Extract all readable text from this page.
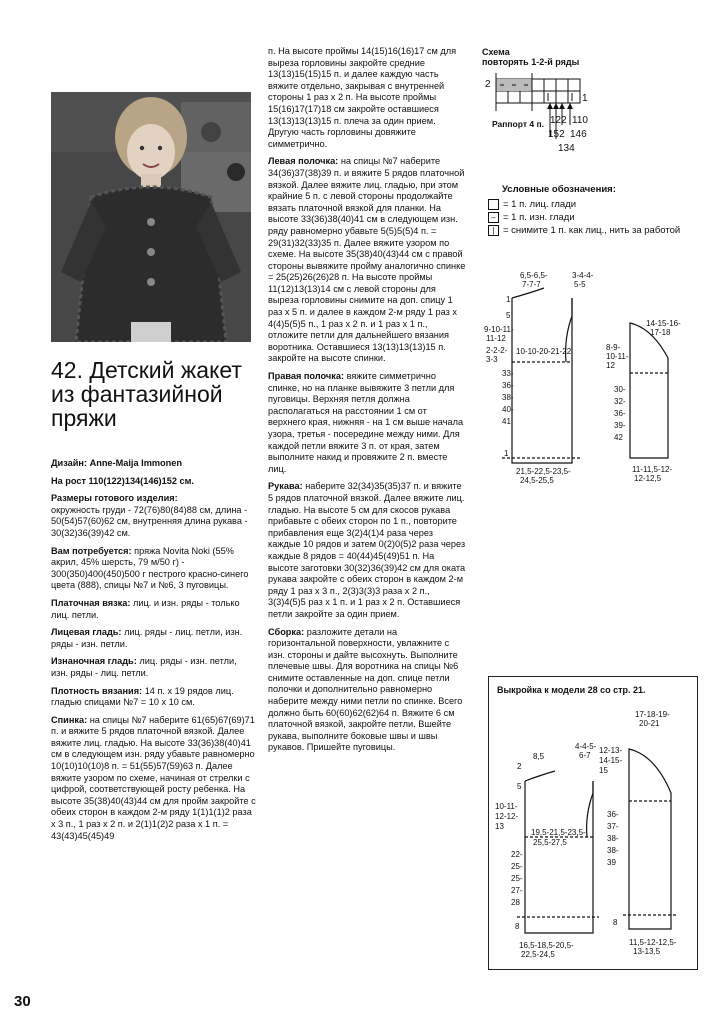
42. Детский жакет
из фантазийной
пряжи

Дизайн: Anne-Maija Immonen

На рост 110(122)134(146)152 см.

Размеры готового изделия:
окружность груди - 72(76)80(84)88 см, длина - 50(54)57(60)62 см, внутренняя длина рукава - 30(32)36(39)42 см.

Вам потребуется: пряжа Novita Noki (55% акрил, 45% шерсть, 79 м/50 г) - 300(350)400(450)500 г пестрого красно-синего цвета (888), спицы №7 и №6, 3 пуговицы.

Платочная вязка: лиц. и изн. ряды - только лиц. петли.

Лицевая гладь: лиц. ряды - лиц. петли, изн. ряды - изн. петли.

Изнаночная гладь: лиц. ряды - изн. петли, изн. ряды - лиц. петли.

Плотность вязания: 14 п. х 19 рядов лиц. гладью спицами №7 = 10 х 10 см.

Спинка: на спицы №7 наберите 61(65)67(69)71 п. и вяжите 5 рядов платочной вязкой. Далее вяжите лиц. гладью. На высоте 33(36)38(40)41 см в следующем изн. ряду убавьте равномерно 10(10)10(10)8 п. = 51(55)57(59)63 п. Далее вяжите узором по схеме, начиная от стрелки с цифрой, соответствующей росту ребенка. На высоте 35(38)40(43)44 см для пройм закройте с обеих сторон в каждом 2-м ряду 1(1)1(1)2 раза х 3 п., 1 раз х 2 п. и 2(1)1(2)2 раза х 1 п. = 43(43)45(45)49

п. На высоте проймы 14(15)16(16)17 см для выреза горловины закройте средние 13(13)15(15)15 п. и далее каждую часть вяжите отдельно, закрывая с внутренней стороны 1 раз х 2 п. На высоте проймы 15(16)17(17)18 см закройте оставшиеся 13(13)13(13)15 п. плеча за один прием. Другую часть горловины довяжите симметрично.

Левая полочка: на спицы №7 наберите 34(36)37(38)39 п. и вяжите 5 рядов платочной вязкой. Далее вяжите лиц. гладью, при этом крайние 5 п. с левой стороны продолжайте вязать платочной вязкой для планки. На высоте 33(36)38(40)41 см в следующем изн. ряду равномерно убавьте 5(5)5(5)4 п. = 29(31)32(33)35 п. Далее вяжите узором по схеме. На высоте 35(38)40(43)44 см с правой стороны вывяжите пройму аналогично спинке = 25(25)26(26)28 п. На высоте проймы 11(12)13(13)14 см с левой стороны для выреза горловины снимите на доп. спицу 1 раз х 5 п. и далее в каждом 2-м ряду 1 раз х 4(4)5(5)5 п., 1 раз х 2 п. и 1 раз х 1 п., отложите петли для дальнейшего вязания воротника. Оставшиеся 13(13)13(13)15 п. закройте на высоте спинки.

Правая полочка: вяжите симметрично спинке, но на планке вывяжите 3 петли для пуговицы. Верхняя петля должна располагаться на расстоянии 1 см от верхнего края, нижняя - на 1 см выше начала узора, третья - посередине между ними. Для каждой петли вяжите 3 п. от края, затем выполните накид и провяжите 2 п. вместе лиц.

Рукава: наберите 32(34)35(35)37 п. и вяжите 5 рядов платочной вязкой. Далее вяжите лиц. гладью. На высоте 5 см для скосов рукава прибавьте с обеих сторон по 1 п., повторите прибавления еще 3(2)4(1)4 раза через каждые 10 рядов и затем 0(2)0(5)2 раза через каждые 8 рядов = 40(44)45(49)51 п. На высоте заготовки 30(32)36(39)42 см для оката рукава закройте с обеих сторон в каждом 2-м ряду 1 раз х 3 п., 2(3)3(3)3 раза х 2 п., 3(3)4(5)5 раз х 1 п. и 1 раз х 2 п. Оставшиеся петли закройте за один прием.

Сборка: разложите детали на горизонтальной поверхности, увлажните с изн. стороны и дайте высохнуть. Выполните плечевые швы. Для воротника на спицы №6 снимите оставленные на доп. спице петли полочки и дополнительно равномерно наберите между ними петли по спинке. Всего должно быть 60(60)62(62)64 п. Вяжите 6 см платочной вязкой, закройте петли. Вшейте рукава, выполните боковые швы и швы рукавов. Пришейте пуговицы.

Схема
повторять 1-2-й ряды
2
1
Раппорт 4 п. 122 110
152 146
134
Условные обозначения:
= 1 п. лиц. глади
– = 1 п. изн. глади
| = снимите 1 п. как лиц., нить за работой
6,5-6,5-
7-7-7
3-4-4-
5-5
1
5
9-10-11-
11-12
2-2-2-
3-3
10-10-20-21-22
33-
36-
38-
40-
41
1
21,5-22,5-23,5-
24,5-25,5
14-15-16-
17-18
8-9-
10-11-
12
30-
32-
36-
39-
42
11-11,5-12-
12-12,5
Выкройка к модели 28 со стр. 21.
8,5
4-4-5-
6-7
2
5
10-11-
12-12-
13
19,5-21,5-23,5-
25,5-27,5
22-
25-
25-
27-
28
8
16,5-18,5-20,5-
22,5-24,5
17-18-19-
20-21
12-13-
14-15-
15
36-
37-
38-
38-
39
8
11,5-12-12,5-
13-13,5
30
